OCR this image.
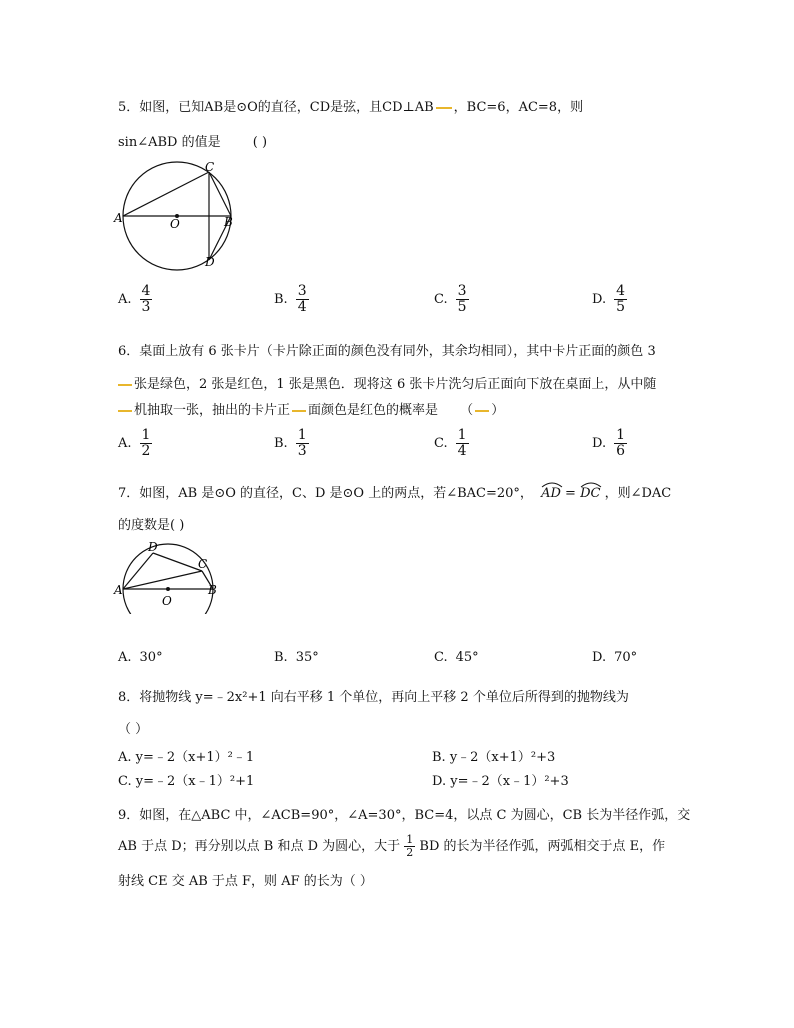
5．如图，已知AB是⊙O的直径，CD是弦，且CD⊥AB ，BC=6，AC=8，则
sin∠ABD 的值是 ( )
A	B
C
D
O
A. $\frac{4}{3}$	B. $\frac{3}{4}$	C. $\frac{3}{5}$	D. $\frac{4}{5}$
6．桌面上放有 6 张卡片（卡片除正面的颜色没有同外，其余均相同），其中卡片正面的颜色 3
张是绿色，2 张是红色，1 张是黑色．现将这 6 张卡片洗匀后正面向下放在桌面上，从中随
机抽取一张，抽出的卡片正 面颜色是红色的概率是 （ ）
A. $\frac{1}{2}$	B. $\frac{1}{3}$	C. $\frac{1}{4}$	D. $\frac{1}{6}$
7．如图，AB 是⊙O 的直径，C、D 是⊙O 上的两点，若∠BAC=20°， AD = DC ，则∠DAC
的度数是( )
A	B
C
D
O
A. 30°	B. 35°	C. 45°	D. 70°
8．将抛物线 y=﹣2x²+1 向右平移 1 个单位，再向上平移 2 个单位后所得到的抛物线为
（ ）
A. y=﹣2（x+1）²﹣1	B. y﹣2（x+1）²+3
C. y=﹣2（x﹣1）²+1	D. y=﹣2（x﹣1）²+3
9．如图，在△ABC 中，∠ACB=90°，∠A=30°，BC=4，以点 C 为圆心，CB 长为半径作弧，交
AB 于点 D；再分别以点 B 和点 D 为圆心，大于 $\frac{1}{2}$ BD 的长为半径作弧，两弧相交于点 E，作
射线 CE 交 AB 于点 F，则 AF 的长为（ ）
